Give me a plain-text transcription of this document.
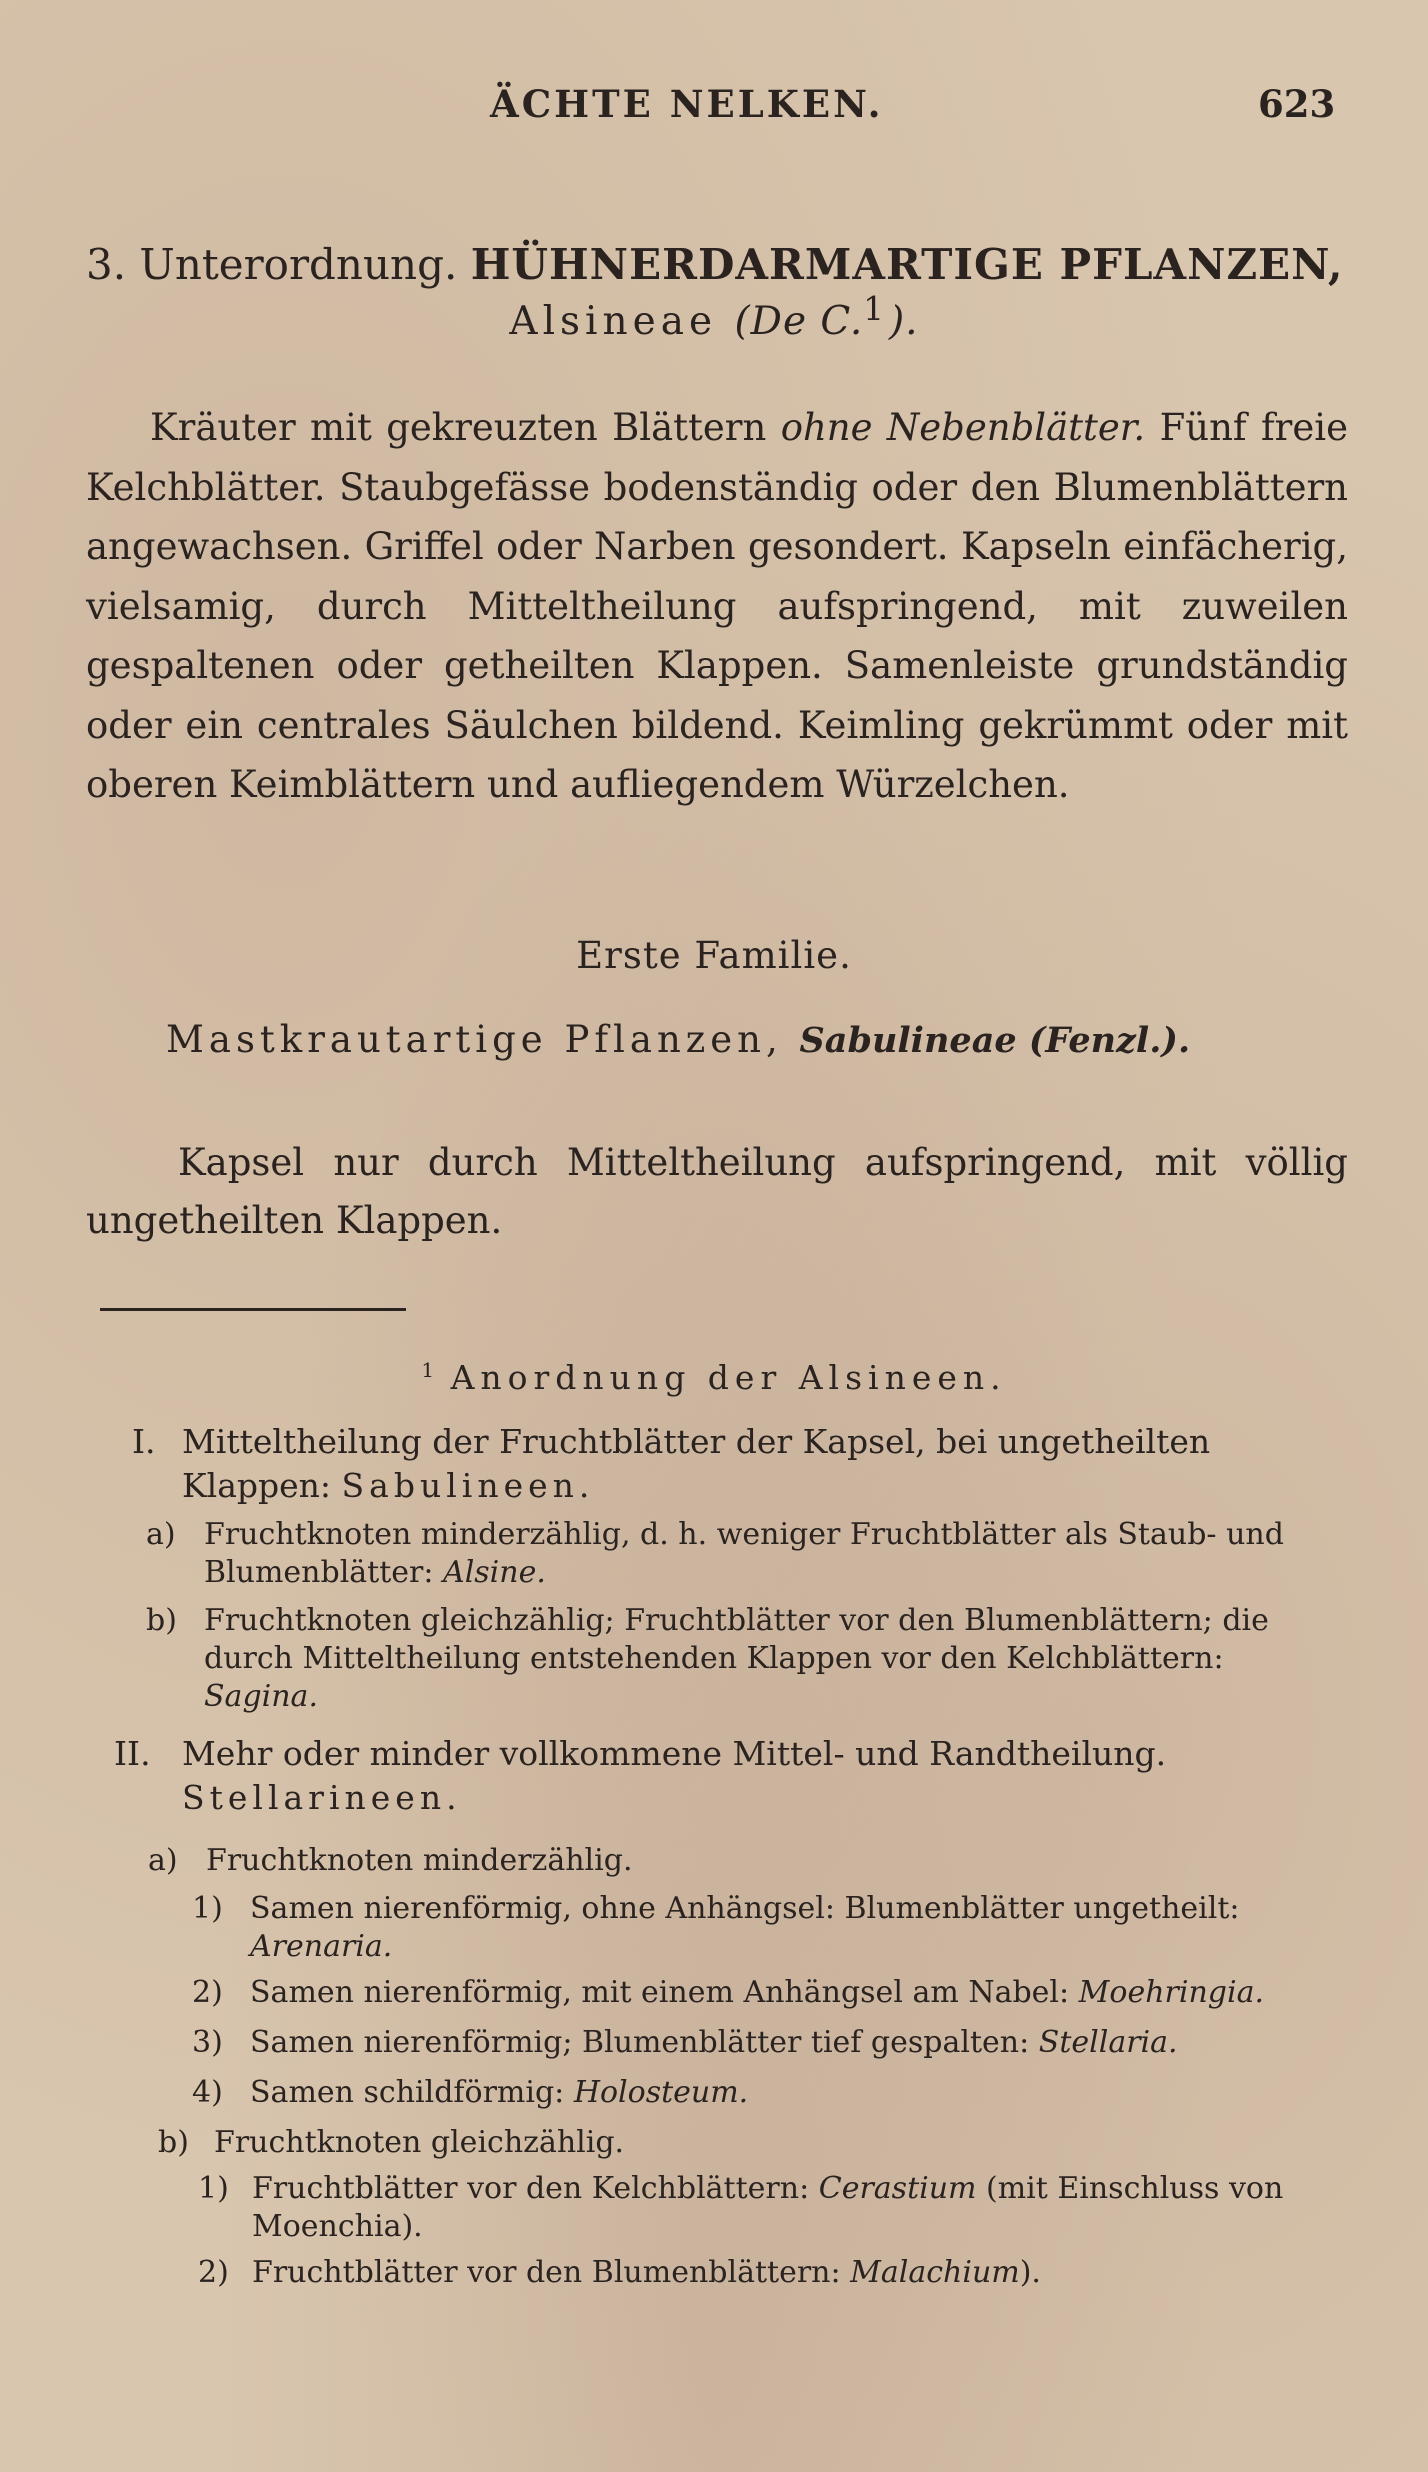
ÄCHTE NELKEN.	623
3. Unterordnung. HÜHNERDARMARTIGE PFLANZEN,
Alsineae (De C.$^1$).
Kräuter mit gekreuzten Blättern ohne Nebenblätter. Fünf freie Kelchblätter. Staubgefässe bodenständig oder den Blumenblättern angewachsen. Griffel oder Narben gesondert. Kapseln einfächerig, vielsamig, durch Mitteltheilung aufspringend, mit zuweilen gespaltenen oder getheilten Klappen. Samenleiste grundständig oder ein centrales Säulchen bildend. Keimling gekrümmt oder mit oberen Keimblättern und aufliegendem Würzelchen.
Erste Familie.
Mastkrautartige Pflanzen, Sabulineae (Fenzl.).
Kapsel nur durch Mitteltheilung aufspringend, mit völlig ungetheilten Klappen.
$^1$ Anordnung der Alsineen.
I. Mitteltheilung der Fruchtblätter der Kapsel, bei ungetheilten Klappen: Sabulineen.
a) Fruchtknoten minderzählig, d. h. weniger Fruchtblätter als Staub- und Blumenblätter: Alsine.
b) Fruchtknoten gleichzählig; Fruchtblätter vor den Blumenblättern; die durch Mitteltheilung entstehenden Klappen vor den Kelchblättern: Sagina.
II. Mehr oder minder vollkommene Mittel- und Randtheilung.
Stellarineen.
a) Fruchtknoten minderzählig.
1) Samen nierenförmig, ohne Anhängsel: Blumenblätter ungetheilt: Arenaria.
2) Samen nierenförmig, mit einem Anhängsel am Nabel: Moehringia.
3) Samen nierenförmig; Blumenblätter tief gespalten: Stellaria.
4) Samen schildförmig: Holosteum.
b) Fruchtknoten gleichzählig.
1) Fruchtblätter vor den Kelchblättern: Cerastium (mit Einschluss von Moenchia).
2) Fruchtblätter vor den Blumenblättern: Malachium).
